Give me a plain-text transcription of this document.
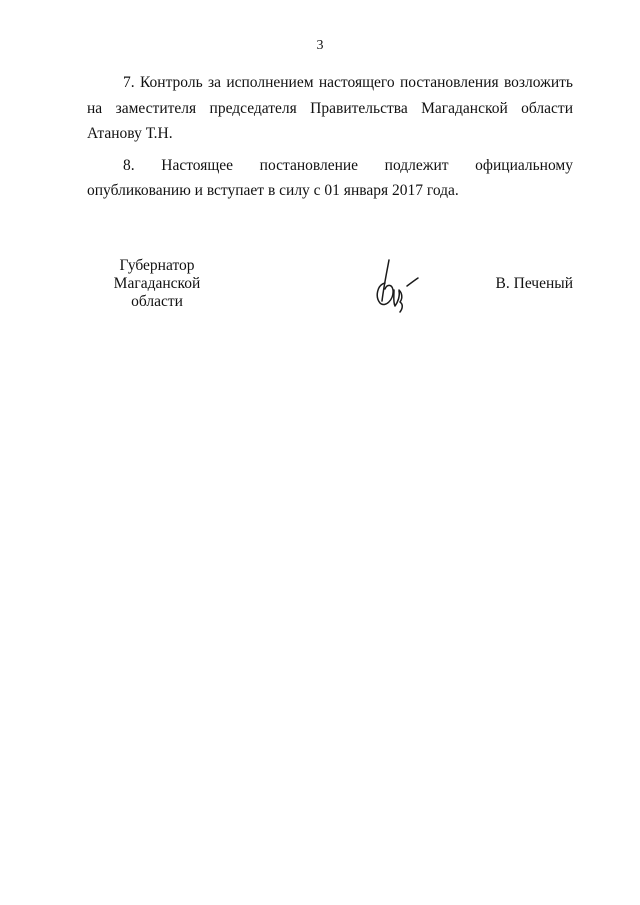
3

7. Контроль за исполнением настоящего постановления возложить
на заместителя председателя Правительства Магаданской области
Атанову Т.Н.

8. Настоящее постановление подлежит официальному
опубликованию и вступает в силу с 01 января 2017 года.

Губернатор
Магаданской области
В. Печеный
